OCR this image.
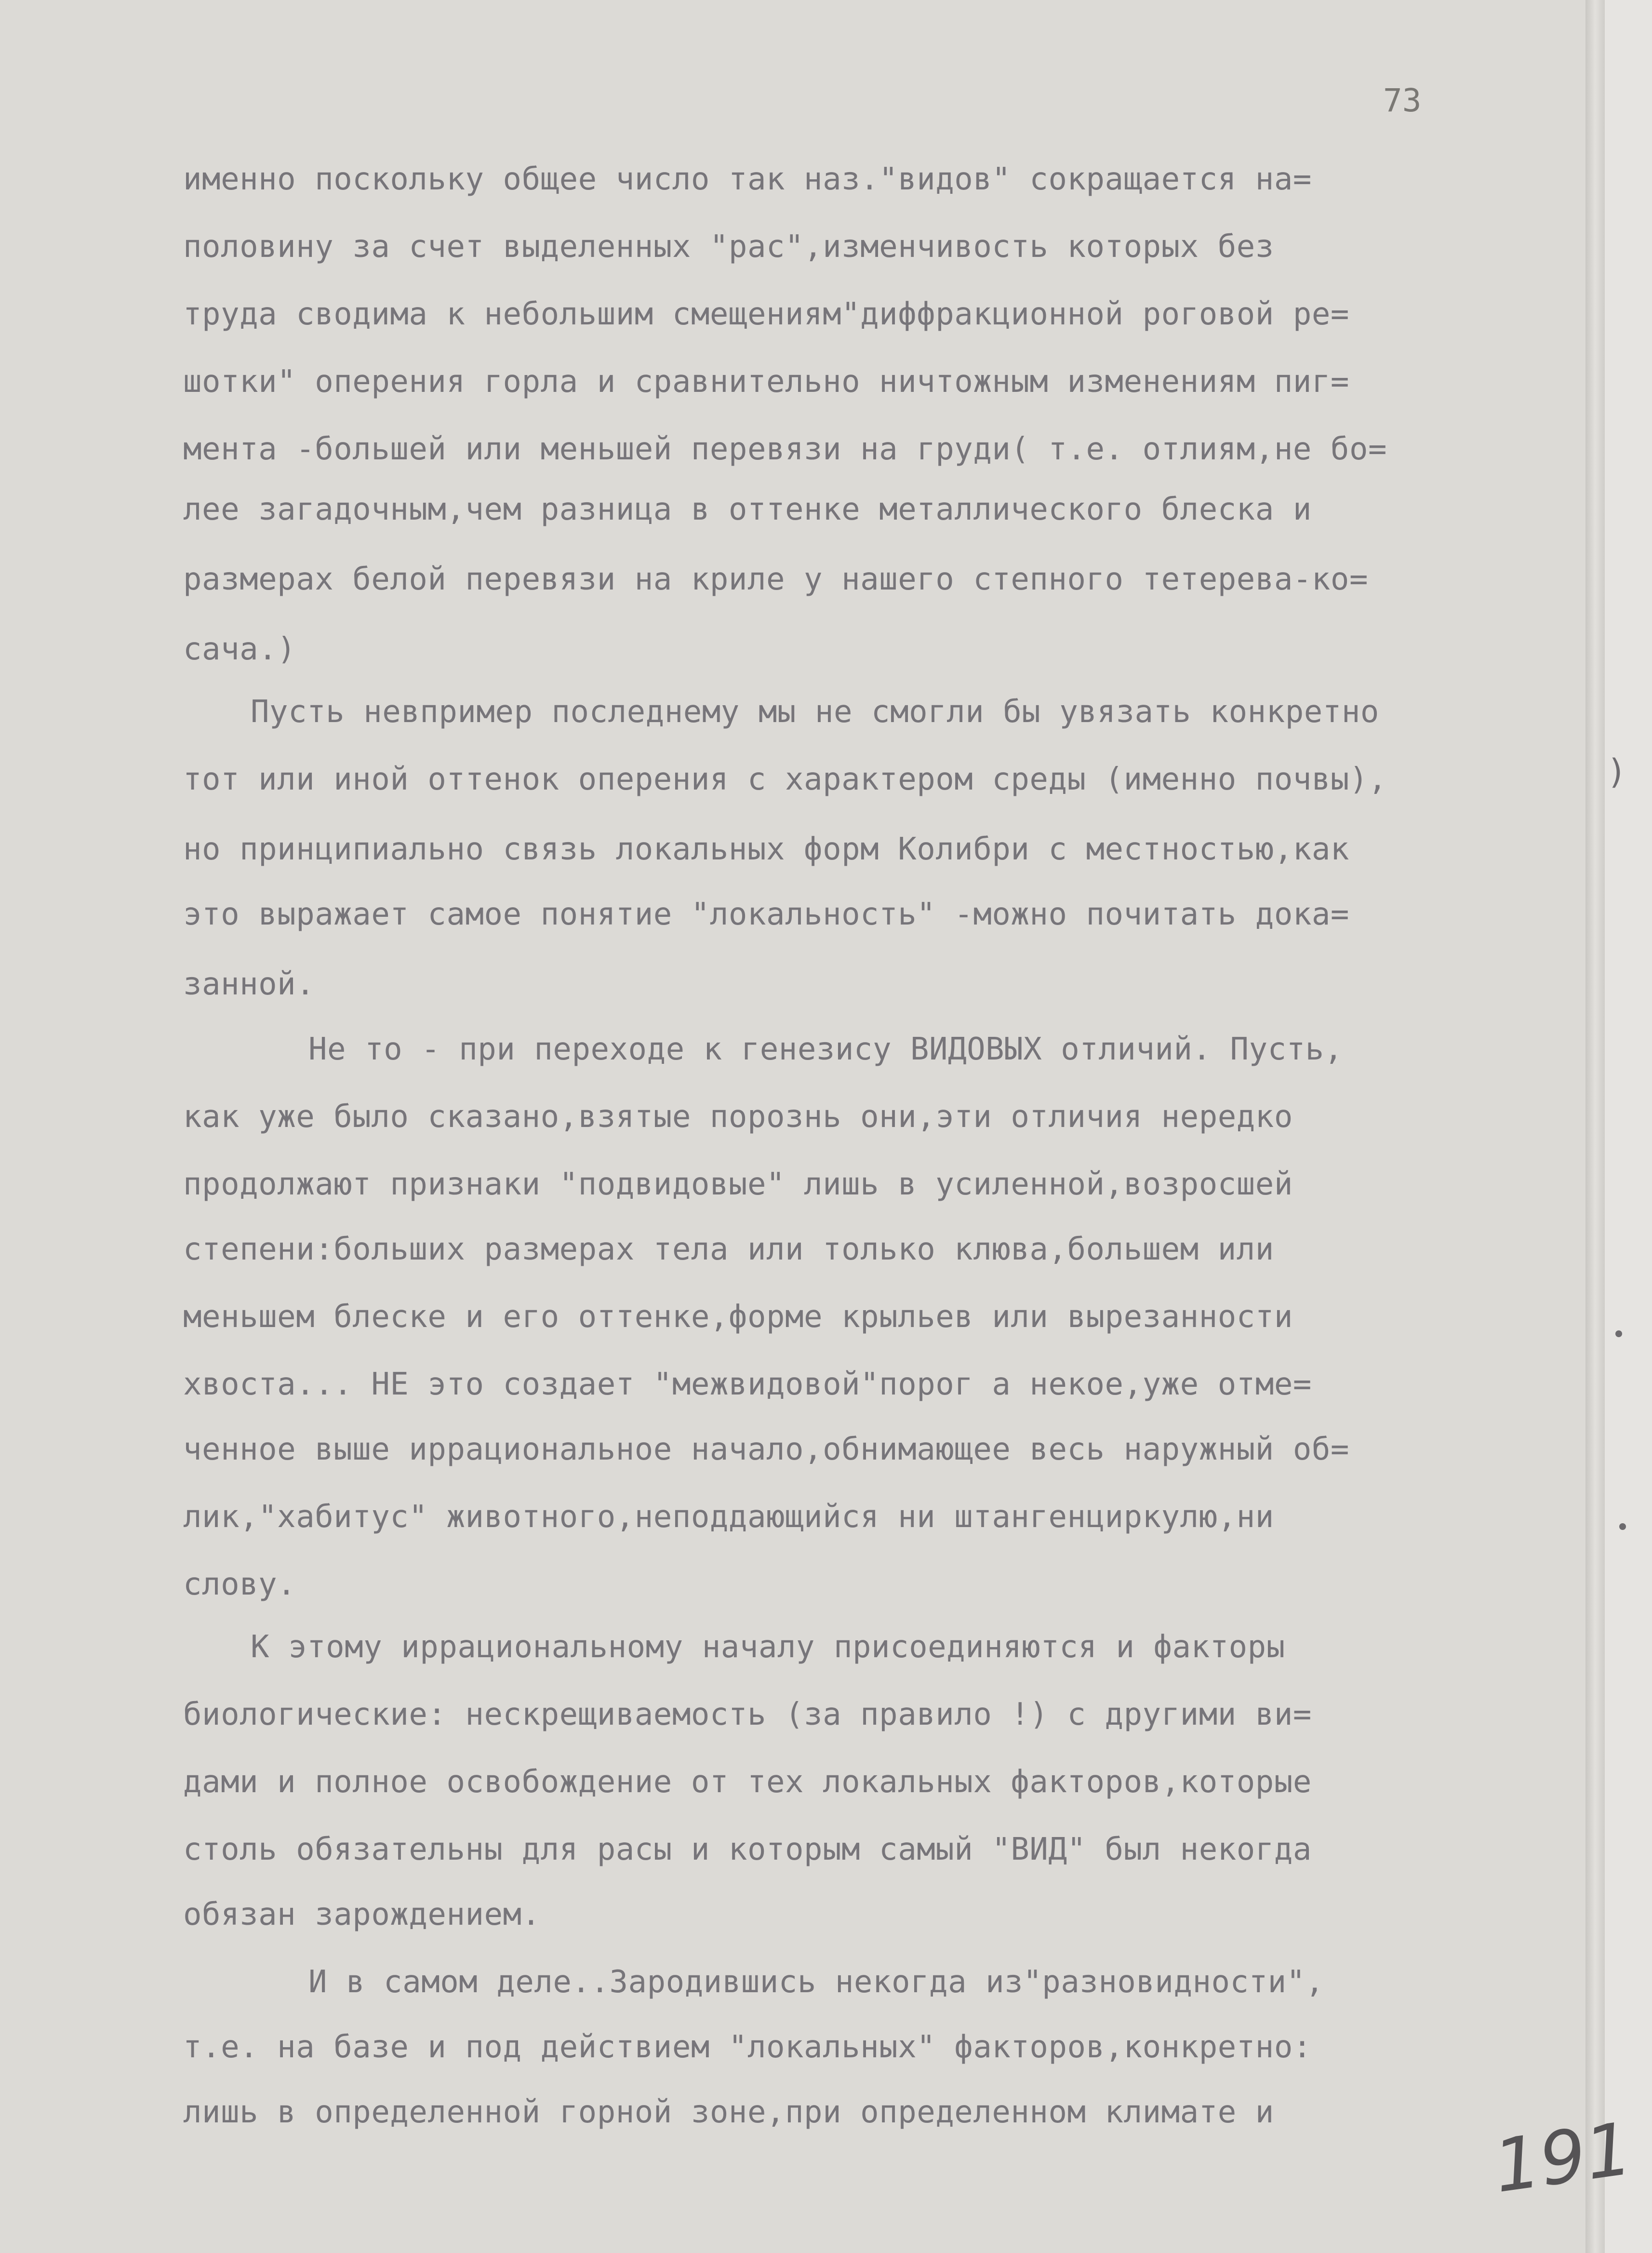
73
именно поскольку общее число так наз."видов" сокращается на=
половину за счет выделенных "рас",изменчивость которых без
труда сводима к небольшим смещениям"диффракционной роговой ре=
шотки" оперения горла и сравнительно ничтожным изменениям пиг=
мента -большей или меньшей перевязи на груди( т.е. отлиям,не бо=
лее загадочным,чем разница в оттенке металлического блеска и
размерах белой перевязи на криле у нашего степного тетерева-ко=
сача.)
Пусть невпример последнему мы не смогли бы увязать конкретно
тот или иной оттенок оперения с характером среды (именно почвы),
но принципиально связь локальных форм Колибри с местностью,как
это выражает самое понятие "локальность" -можно почитать дока=
занной.
Не то - при переходе к генезису ВИДОВЫХ отличий. Пусть,
как уже было сказано,взятые порознь они,эти отличия нередко
продолжают признаки "подвидовые" лишь в усиленной,возросшей
степени:больших размерах тела или только клюва,большем или
меньшем блеске и его оттенке,форме крыльев или вырезанности
хвоста... НЕ это создает "межвидовой"порог а некое,уже отме=
ченное выше иррациональное начало,обнимающее весь наружный об=
лик,"хабитус" животного,неподдающийся ни штангенциркулю,ни
слову.
К этому иррациональному началу присоединяются и факторы
биологические: нескрещиваемость (за правило !) с другими ви=
дами и полное освобождение от тех локальных факторов,которые
столь обязательны для расы и которым самый "ВИД" был некогда
обязан зарождением.
И в самом деле..Зародившись некогда из"разновидности",
т.е. на базе и под действием "локальных" факторов,конкретно:
лишь в определенной горной зоне,при определенном климате и
)
191
